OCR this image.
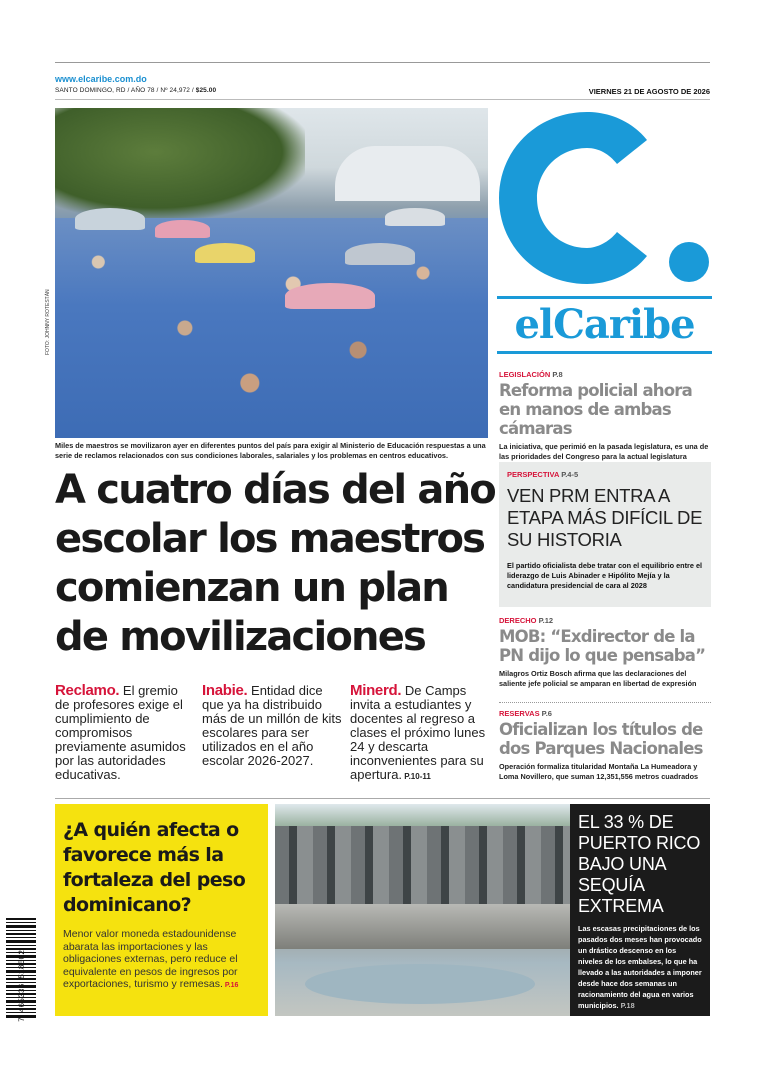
www.elcaribe.com.do
SANTO DOMINGO, RD / AÑO 78 / Nº 24,972 / $25.00	VIERNES 21 DE AGOSTO DE 2026
FOTO: JOHNNY ROTESTÁN
Miles de maestros se movilizaron ayer en diferentes puntos del país para exigir al Ministerio de Educación respuestas a una serie de reclamos relacionados con sus condiciones laborales, salariales y los problemas en centros educativos.
A cuatro días del año escolar los maestros comienzan un plan de movilizaciones
Reclamo. El gremio de profesores exige el cumplimiento de compromisos previamente asumidos por las autoridades educativas.
Inabie. Entidad dice que ya ha distribuido más de un millón de kits escolares para ser utilizados en el año escolar 2026-2027.
Minerd. De Camps invita a estudiantes y docentes al regreso a clases el próximo lunes 24 y descarta inconvenientes para su apertura. P.10-11
elCaribe
LEGISLACIÓN P.8
Reforma policial ahora en manos de ambas cámaras
La iniciativa, que perimió en la pasada legislatura, es una de las prioridades del Congreso para la actual legislatura
PERSPECTIVA P.4-5
VEN PRM ENTRA A ETAPA MÁS DIFÍCIL DE SU HISTORIA
El partido oficialista debe tratar con el equilibrio entre el liderazgo de Luis Abinader e Hipólito Mejía y la candidatura presidencial de cara al 2028
DERECHO P.12
MOB: “Exdirector de la PN dijo lo que pensaba”
Milagros Ortiz Bosch afirma que las declaraciones del saliente jefe policial se amparan en libertad de expresión
RESERVAS P.6
Oficializan los títulos de dos Parques Nacionales
Operación formaliza titularidad Montaña La Humeadora y Loma Novillero, que suman 12,351,556 metros cuadrados
¿A quién afecta o favorece más la fortaleza del peso dominicano?
Menor valor moneda estadounidense abarata las importaciones y las obligaciones externas, pero reduce el equivalente en pesos de ingresos por exportaciones, turismo y remesas. P.16
EL 33 % DE PUERTO RICO BAJO UNA SEQUÍA EXTREMA
Las escasas precipitaciones de los pasados dos meses han provocado un drástico descenso en los niveles de los embalses, lo que ha llevado a las autoridades a imponer desde hace dos semanas un racionamiento del agua en varios municipios. P.18
7 465336 518002
